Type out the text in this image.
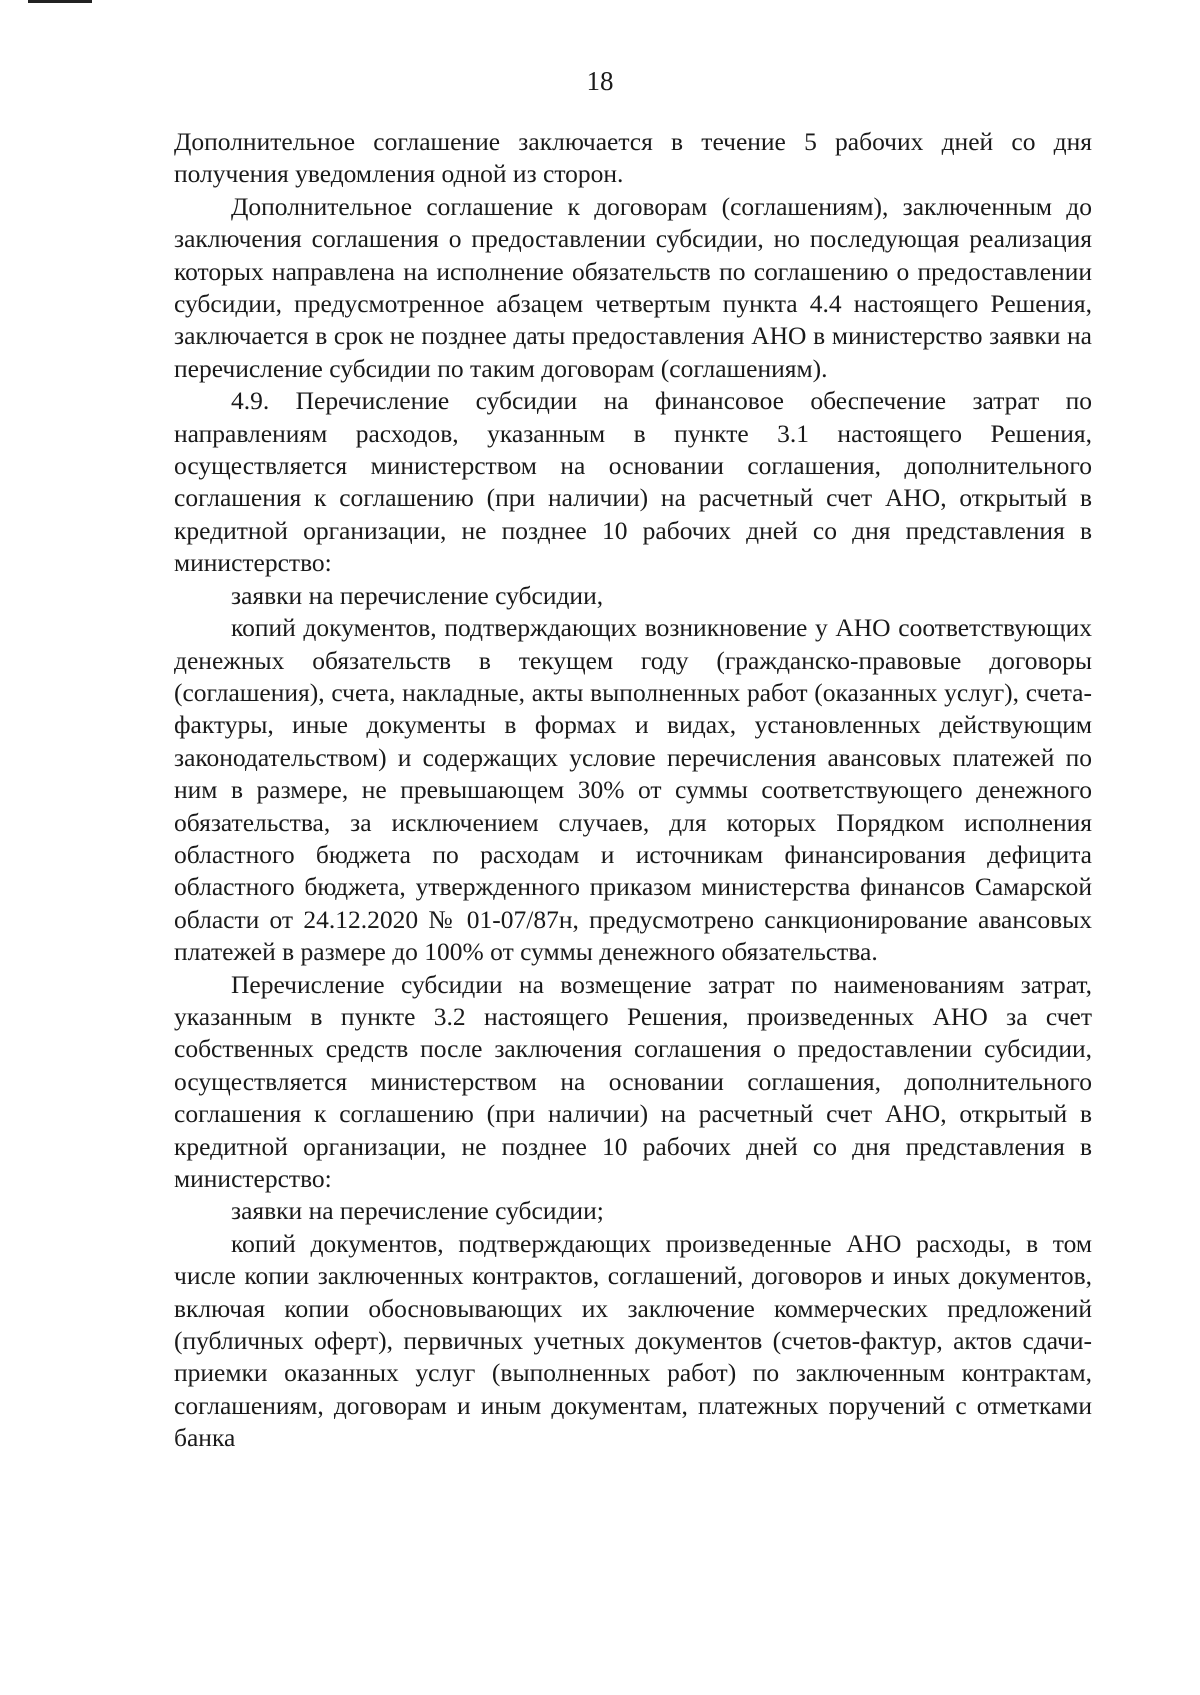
18

Дополнительное соглашение заключается в течение 5 рабочих дней со дня получения уведомления одной из сторон.

Дополнительное соглашение к договорам (соглашениям), заключенным до заключения соглашения о предоставлении субсидии, но последующая реализация которых направлена на исполнение обязательств по соглашению о предоставлении субсидии, предусмотренное абзацем четвертым пункта 4.4 настоящего Решения, заключается в срок не позднее даты предоставления АНО в министерство заявки на перечисление субсидии по таким договорам (соглашениям).

4.9. Перечисление субсидии на финансовое обеспечение затрат по направлениям расходов, указанным в пункте 3.1 настоящего Решения, осуществляется министерством на основании соглашения, дополнительного соглашения к соглашению (при наличии) на расчетный счет АНО, открытый в кредитной организации, не позднее 10 рабочих дней со дня представления в министерство:

заявки на перечисление субсидии,

копий документов, подтверждающих возникновение у АНО соответствующих денежных обязательств в текущем году (гражданско-правовые договоры (соглашения), счета, накладные, акты выполненных работ (оказанных услуг), счета-фактуры, иные документы в формах и видах, установленных действующим законодательством) и содержащих условие перечисления авансовых платежей по ним в размере, не превышающем 30% от суммы соответствующего денежного обязательства, за исключением случаев, для которых Порядком исполнения областного бюджета по расходам и источникам финансирования дефицита областного бюджета, утвержденного приказом министерства финансов Самарской области от 24.12.2020 № 01-07/87н, предусмотрено санкционирование авансовых платежей в размере до 100% от суммы денежного обязательства.

Перечисление субсидии на возмещение затрат по наименованиям затрат, указанным в пункте 3.2 настоящего Решения, произведенных АНО за счет собственных средств после заключения соглашения о предоставлении субсидии, осуществляется министерством на основании соглашения, дополнительного соглашения к соглашению (при наличии) на расчетный счет АНО, открытый в кредитной организации, не позднее 10 рабочих дней со дня представления в министерство:

заявки на перечисление субсидии;

копий документов, подтверждающих произведенные АНО расходы, в том числе копии заключенных контрактов, соглашений, договоров и иных документов, включая копии обосновывающих их заключение коммерческих предложений (публичных оферт), первичных учетных документов (счетов-фактур, актов сдачи-приемки оказанных услуг (выполненных работ) по заключенным контрактам, соглашениям, договорам и иным документам, платежных поручений с отметками банка
